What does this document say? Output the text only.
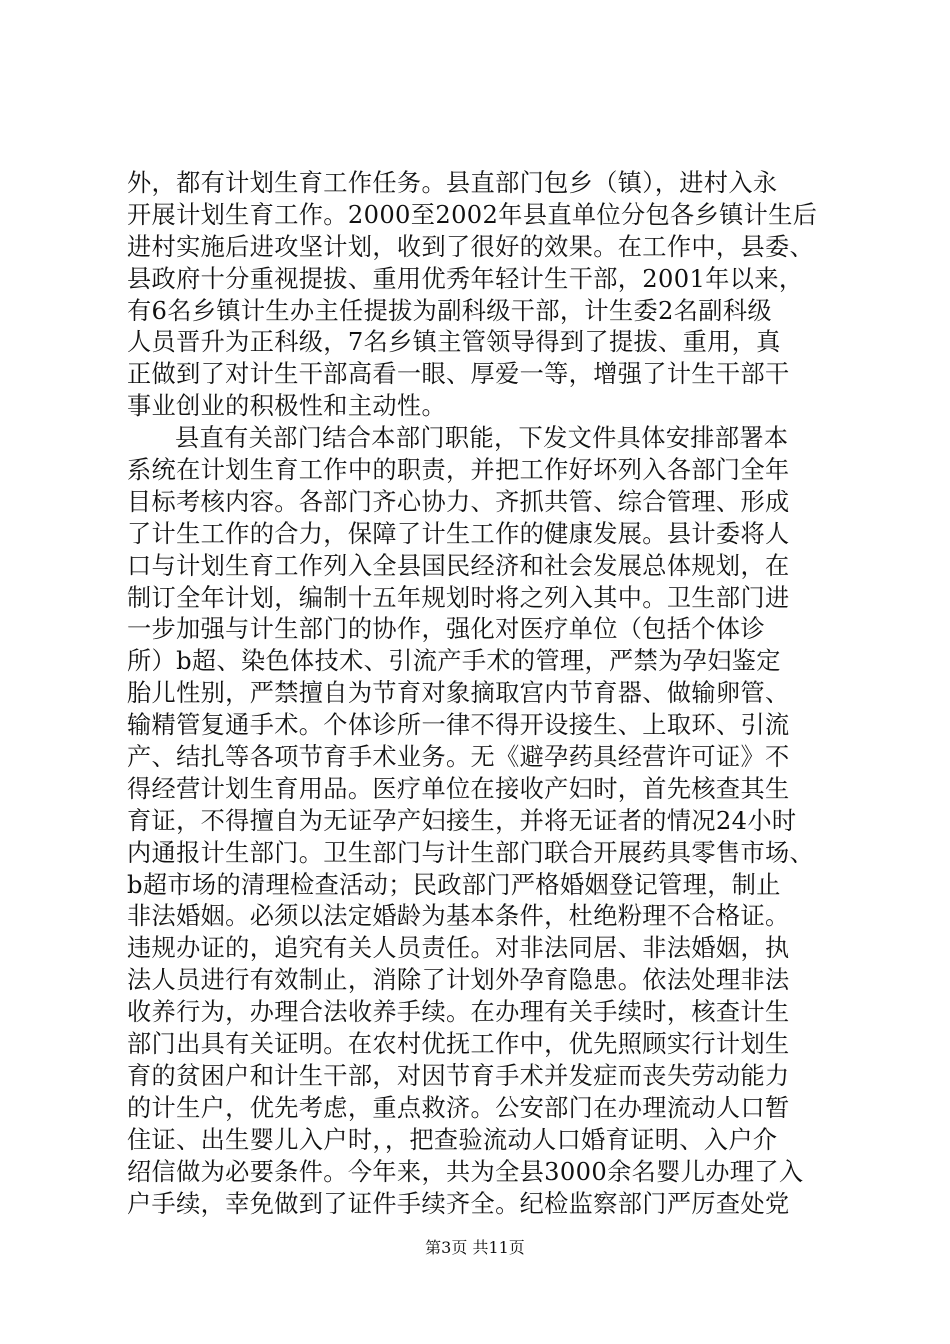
外，都有计划生育工作任务。县直部门包乡（镇），进村入永
开展计划生育工作。2000至2002年县直单位分包各乡镇计生后
进村实施后进攻坚计划，收到了很好的效果。在工作中，县委、
县政府十分重视提拔、重用优秀年轻计生干部，2001年以来，
有6名乡镇计生办主任提拔为副科级干部，计生委2名副科级
人员晋升为正科级，7名乡镇主管领导得到了提拔、重用，真
正做到了对计生干部高看一眼、厚爱一等，增强了计生干部干
事业创业的积极性和主动性。
县直有关部门结合本部门职能，下发文件具体安排部署本
系统在计划生育工作中的职责，并把工作好坏列入各部门全年
目标考核内容。各部门齐心协力、齐抓共管、综合管理、形成
了计生工作的合力，保障了计生工作的健康发展。县计委将人
口与计划生育工作列入全县国民经济和社会发展总体规划，在
制订全年计划，编制十五年规划时将之列入其中。卫生部门进
一步加强与计生部门的协作，强化对医疗单位（包括个体诊
所）b超、染色体技术、引流产手术的管理，严禁为孕妇鉴定
胎儿性别，严禁擅自为节育对象摘取宫内节育器、做输卵管、
输精管复通手术。个体诊所一律不得开设接生、上取环、引流
产、结扎等各项节育手术业务。无《避孕药具经营许可证》不
得经营计划生育用品。医疗单位在接收产妇时，首先核查其生
育证，不得擅自为无证孕产妇接生，并将无证者的情况24小时
内通报计生部门。卫生部门与计生部门联合开展药具零售市场、
b超市场的清理检查活动；民政部门严格婚姻登记管理，制止
非法婚姻。必须以法定婚龄为基本条件，杜绝粉理不合格证。
违规办证的，追究有关人员责任。对非法同居、非法婚姻，执
法人员进行有效制止，消除了计划外孕育隐患。依法处理非法
收养行为，办理合法收养手续。在办理有关手续时，核查计生
部门出具有关证明。在农村优抚工作中，优先照顾实行计划生
育的贫困户和计生干部，对因节育手术并发症而丧失劳动能力
的计生户，优先考虑，重点救济。公安部门在办理流动人口暂
住证、出生婴儿入户时，，把查验流动人口婚育证明、入户介
绍信做为必要条件。今年来，共为全县3000余名婴儿办理了入
户手续，幸免做到了证件手续齐全。纪检监察部门严厉查处党
第3页 共11页
